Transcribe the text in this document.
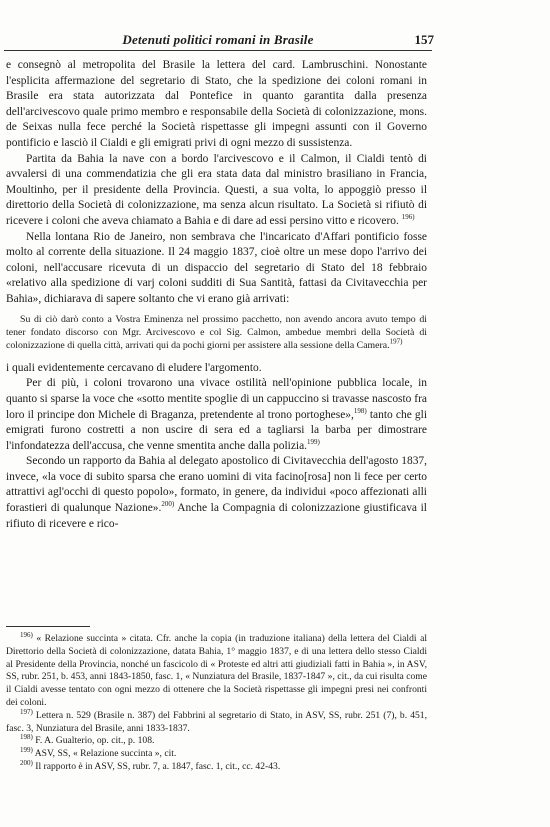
Detenuti politici romani in Brasile	157

e consegnò al metropolita del Brasile la lettera del card. Lambruschini. Nonostante l'esplicita affermazione del segretario di Stato, che la spedizione dei coloni romani in Brasile era stata autorizzata dal Pontefice in quanto garantita dalla presenza dell'arcivescovo quale primo membro e responsabile della Società di colonizzazione, mons. de Seixas nulla fece perché la Società rispettasse gli impegni assunti con il Governo pontificio e lasciò il Cialdi e gli emigrati privi di ogni mezzo di sussistenza.

Partita da Bahia la nave con a bordo l'arcivescovo e il Calmon, il Cialdi tentò di avvalersi di una commendatizia che gli era stata data dal ministro brasiliano in Francia, Moultinho, per il presidente della Provincia. Questi, a sua volta, lo appoggiò presso il direttorio della Società di colonizzazione, ma senza alcun risultato. La Società si rifiutò di ricevere i coloni che aveva chiamato a Bahia e di dare ad essi persino vitto e ricovero. $^{196)}$

Nella lontana Rio de Janeiro, non sembrava che l'incaricato d'Affari pontificio fosse molto al corrente della situazione. Il 24 maggio 1837, cioè oltre un mese dopo l'arrivo dei coloni, nell'accusare ricevuta di un dispaccio del segretario di Stato del 18 febbraio «relativo alla spedizione di varj coloni sudditi di Sua Santità, fattasi da Civitavecchia per Bahia», dichiarava di sapere soltanto che vi erano già arrivati:

Su di ciò darò conto a Vostra Eminenza nel prossimo pacchetto, non avendo ancora avuto tempo di tener fondato discorso con Mgr. Arcivescovo e col Sig. Calmon, ambedue membri della Società di colonizzazione di quella città, arrivati qui da pochi giorni per assistere alla sessione della Camera.$^{197)}$

i quali evidentemente cercavano di eludere l'argomento.

Per di più, i coloni trovarono una vivace ostilità nell'opinione pubblica locale, in quanto si sparse la voce che «sotto mentite spoglie di un cappuccino si travasse nascosto fra loro il principe don Michele di Braganza, pretendente al trono portoghese»,$^{198)}$ tanto che gli emigrati furono costretti a non uscire di sera ed a tagliarsi la barba per dimostrare l'infondatezza dell'accusa, che venne smentita anche dalla polizia.$^{199)}$

Secondo un rapporto da Bahia al delegato apostolico di Civitavecchia dell'agosto 1837, invece, «la voce di subito sparsa che erano uomini di vita facino[rosa] non li fece per certo attrattivi agl'occhi di questo popolo», formato, in genere, da individui «poco affezionati alli forastieri di qualunque Nazione».$^{200)}$ Anche la Compagnia di colonizzazione giustificava il rifiuto di ricevere e rico-

$^{196)}$ « Relazione succinta » citata. Cfr. anche la copia (in traduzione italiana) della lettera del Cialdi al Direttorio della Società di colonizzazione, datata Bahia, 1° maggio 1837, e di una lettera dello stesso Cialdi al Presidente della Provincia, nonché un fascicolo di « Proteste ed altri atti giudiziali fatti in Bahia », in ASV, SS, rubr. 251, b. 453, anni 1843-1850, fasc. 1, « Nunziatura del Brasile, 1837-1847 », cit., da cui risulta come il Cialdi avesse tentato con ogni mezzo di ottenere che la Società rispettasse gli impegni presi nei confronti dei coloni.

$^{197)}$ Lettera n. 529 (Brasile n. 387) del Fabbrini al segretario di Stato, in ASV, SS, rubr. 251 (7), b. 451, fasc. 3, Nunziatura del Brasile, anni 1833-1837.

$^{198)}$ F. A. Gualterio, op. cit., p. 108.

$^{199)}$ ASV, SS, « Relazione succinta », cit.

$^{200)}$ Il rapporto è in ASV, SS, rubr. 7, a. 1847, fasc. 1, cit., cc. 42-43.
